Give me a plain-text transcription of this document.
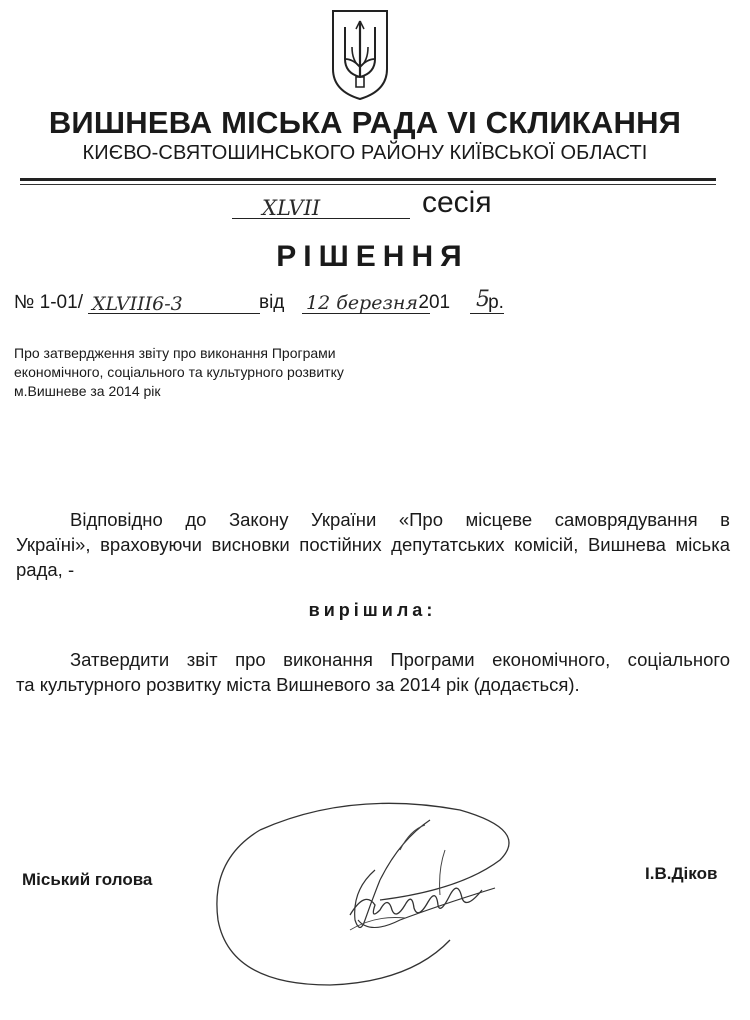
ВИШНЕВА МІСЬКА РАДА VI СКЛИКАННЯ
КИЄВО-СВЯТОШИНСЬКОГО РАЙОНУ КИЇВСЬКОЇ ОБЛАСТІ
XLVII	сесія
РІШЕННЯ
№ 1-01/	від	201 р.
XLVIII6-3	12 березня	5
Про затвердження звіту про виконання Програми
економічного, соціального та культурного розвитку
м.Вишневе за 2014 рік
Відповідно до Закону України «Про місцеве самоврядування в
Україні», враховуючи висновки постійних депутатських комісій, Вишнева міська рада, -
вирішила:
Затвердити звіт про виконання Програми економічного, соціального
та культурного розвитку міста Вишневого за 2014 рік (додається).
Міський голова	І.В.Діков
